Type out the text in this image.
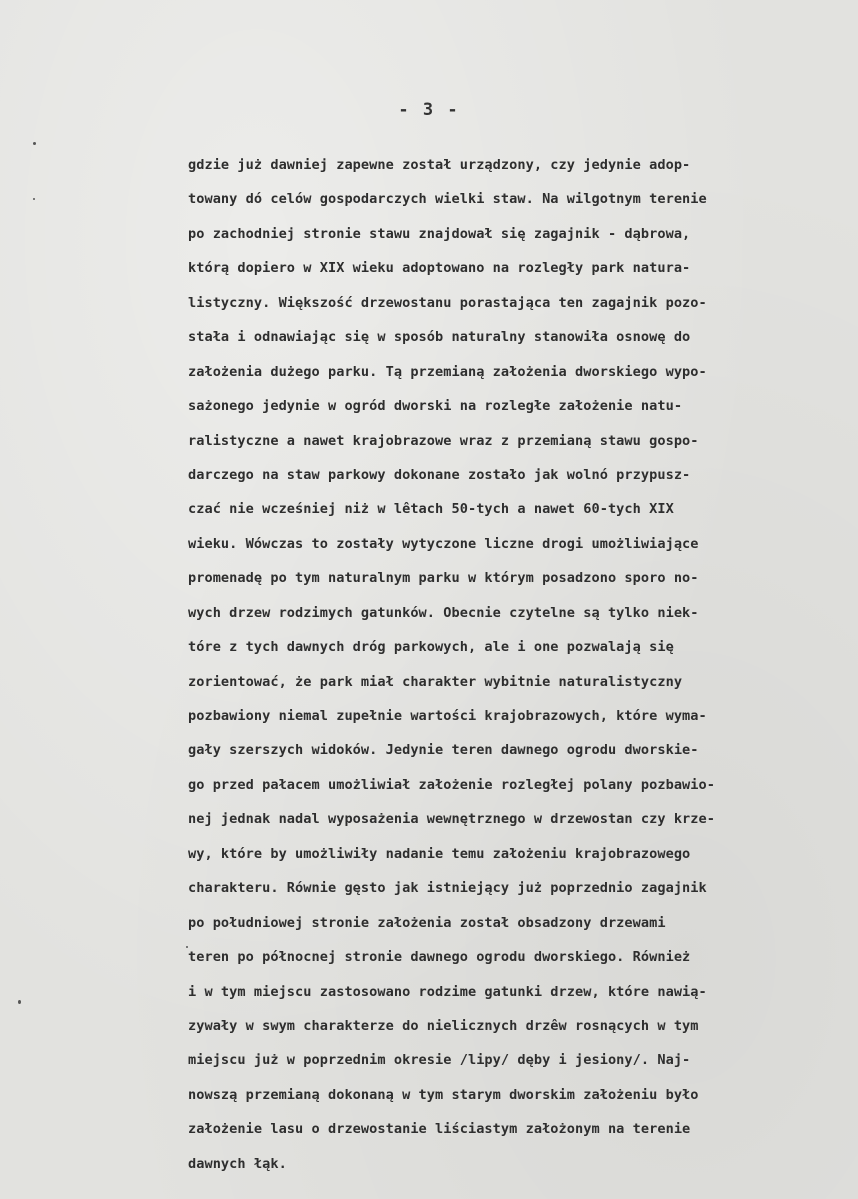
- 3 -
gdzie już dawniej zapewne został urządzony, czy jedynie adop-
towany dó celów gospodarczych wielki staw. Na wilgotnym terenie
po zachodniej stronie stawu znajdował się zagajnik - dąbrowa,
którą dopiero w XIX wieku adoptowano na rozległy park natura-
listyczny. Większość drzewostanu porastająca ten zagajnik pozo-
stała i odnawiając się w sposób naturalny stanowiła osnowę do
założenia dużego parku. Tą przemianą założenia dworskiego wypo-
sażonego jedynie w ogród dworski na rozległe założenie natu-
ralistyczne a nawet krajobrazowe wraz z przemianą stawu gospo-
darczego na staw parkowy dokonane zostało jak wolnó przypusz-
czać nie wcześniej niż w lêtach 50-tych a nawet 60-tych XIX
wieku. Wówczas to zostały wytyczone liczne drogi umożliwiające
promenadę po tym naturalnym parku w którym posadzono sporo no-
wych drzew rodzimych gatunków. Obecnie czytelne są tylko niek-
tóre z tych dawnych dróg parkowych, ale i one pozwalają się
zorientować, że park miał charakter wybitnie naturalistyczny
pozbawiony niemal zupełnie wartości krajobrazowych, które wyma-
gały szerszych widoków. Jedynie teren dawnego ogrodu dworskie-
go przed pałacem umożliwiał założenie rozległej polany pozbawio-
nej jednak nadal wyposażenia wewnętrznego w drzewostan czy krze-
wy, które by umożliwiły nadanie temu założeniu krajobrazowego
charakteru. Równie gęsto jak istniejący już poprzednio zagajnik
po południowej stronie założenia został obsadzony drzewami
teren po północnej stronie dawnego ogrodu dworskiego. Również
i w tym miejscu zastosowano rodzime gatunki drzew, które nawią-
zywały w swym charakterze do nielicznych drzêw rosnących w tym
miejscu już w poprzednim okresie /lipy/ dęby i jesiony/. Naj-
nowszą przemianą dokonaną w tym starym dworskim założeniu było
założenie lasu o drzewostanie liściastym założonym na terenie
dawnych łąk.
